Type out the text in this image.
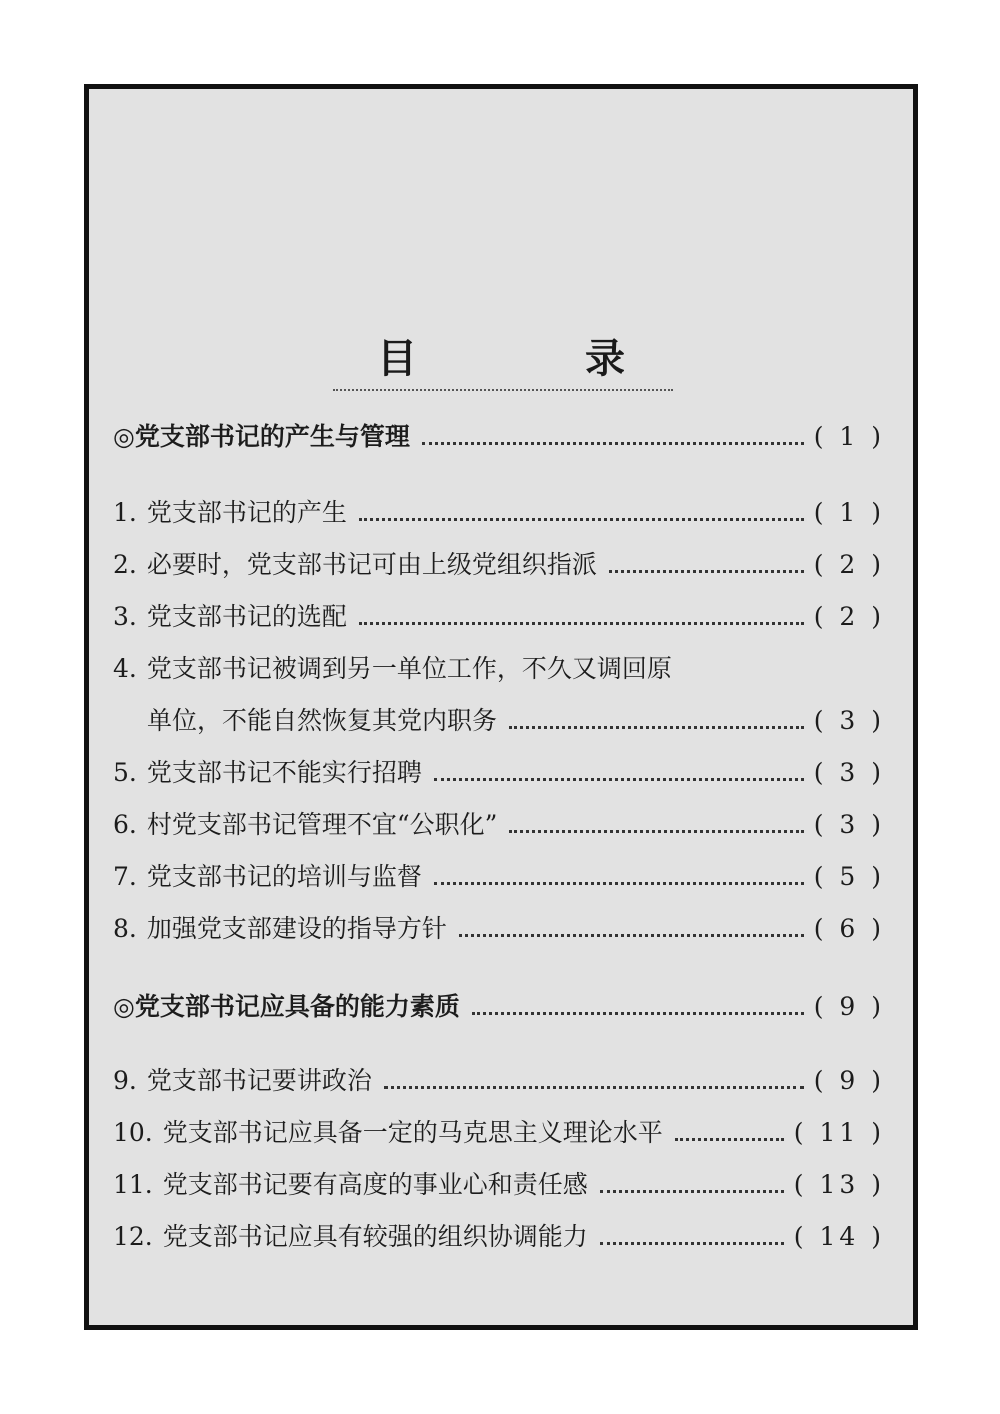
目　录
◎党支部书记的产生与管理	( 1 )
1. 党支部书记的产生	( 1 )
2. 必要时，党支部书记可由上级党组织指派	( 2 )
3. 党支部书记的选配	( 2 )
4. 党支部书记被调到另一单位工作，不久又调回原
单位，不能自然恢复其党内职务	( 3 )
5. 党支部书记不能实行招聘	( 3 )
6. 村党支部书记管理不宜“公职化”	( 3 )
7. 党支部书记的培训与监督	( 5 )
8. 加强党支部建设的指导方针	( 6 )
◎党支部书记应具备的能力素质	( 9 )
9. 党支部书记要讲政治	( 9 )
10. 党支部书记应具备一定的马克思主义理论水平	( 11 )
11. 党支部书记要有高度的事业心和责任感	( 13 )
12. 党支部书记应具有较强的组织协调能力	( 14 )
